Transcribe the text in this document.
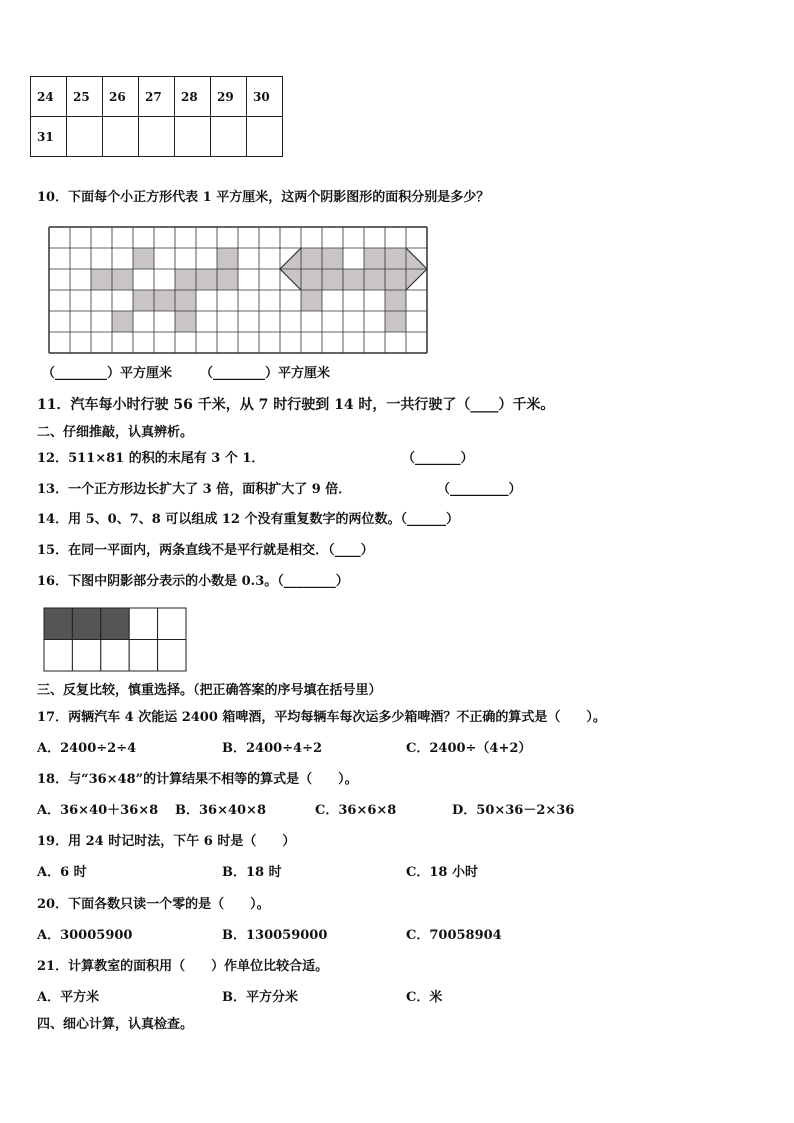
24	25	26	27	28	29	30
31						
10．下面每个小正方形代表 1 平方厘米，这两个阴影图形的面积分别是多少？
（________）平方厘米 （________）平方厘米
11．汽车每小时行驶 56 千米，从 7 时行驶到 14 时，一共行驶了（____）千米。
二、仔细推敲，认真辨析。
12．511×81 的积的末尾有 3 个 1．	（_______）
13．一个正方形边长扩大了 3 倍，面积扩大了 9 倍．	（_________）
14．用 5、0、7、8 可以组成 12 个没有重复数字的两位数。（______）
15．在同一平面内，两条直线不是平行就是相交．（____）
16．下图中阴影部分表示的小数是 0.3。（________）
三、反复比较，慎重选择。（把正确答案的序号填在括号里）
17．两辆汽车 4 次能运 2400 箱啤酒，平均每辆车每次运多少箱啤酒？不正确的算式是（　　）。
A．2400÷2÷4	B．2400÷4÷2	C．2400÷（4+2）
18．与“36×48”的计算结果不相等的算式是（　　）。
A．36×40＋36×8 B．36×40×8	C．36×6×8	D．50×36－2×36
19．用 24 时记时法，下午 6 时是（　　）
A．6 时	B．18 时	C．18 小时
20．下面各数只读一个零的是（　　）。
A．30005900	B．130059000	C．70058904
21．计算教室的面积用（　　）作单位比较合适。
A．平方米	B．平方分米	C．米
四、细心计算，认真检查。
